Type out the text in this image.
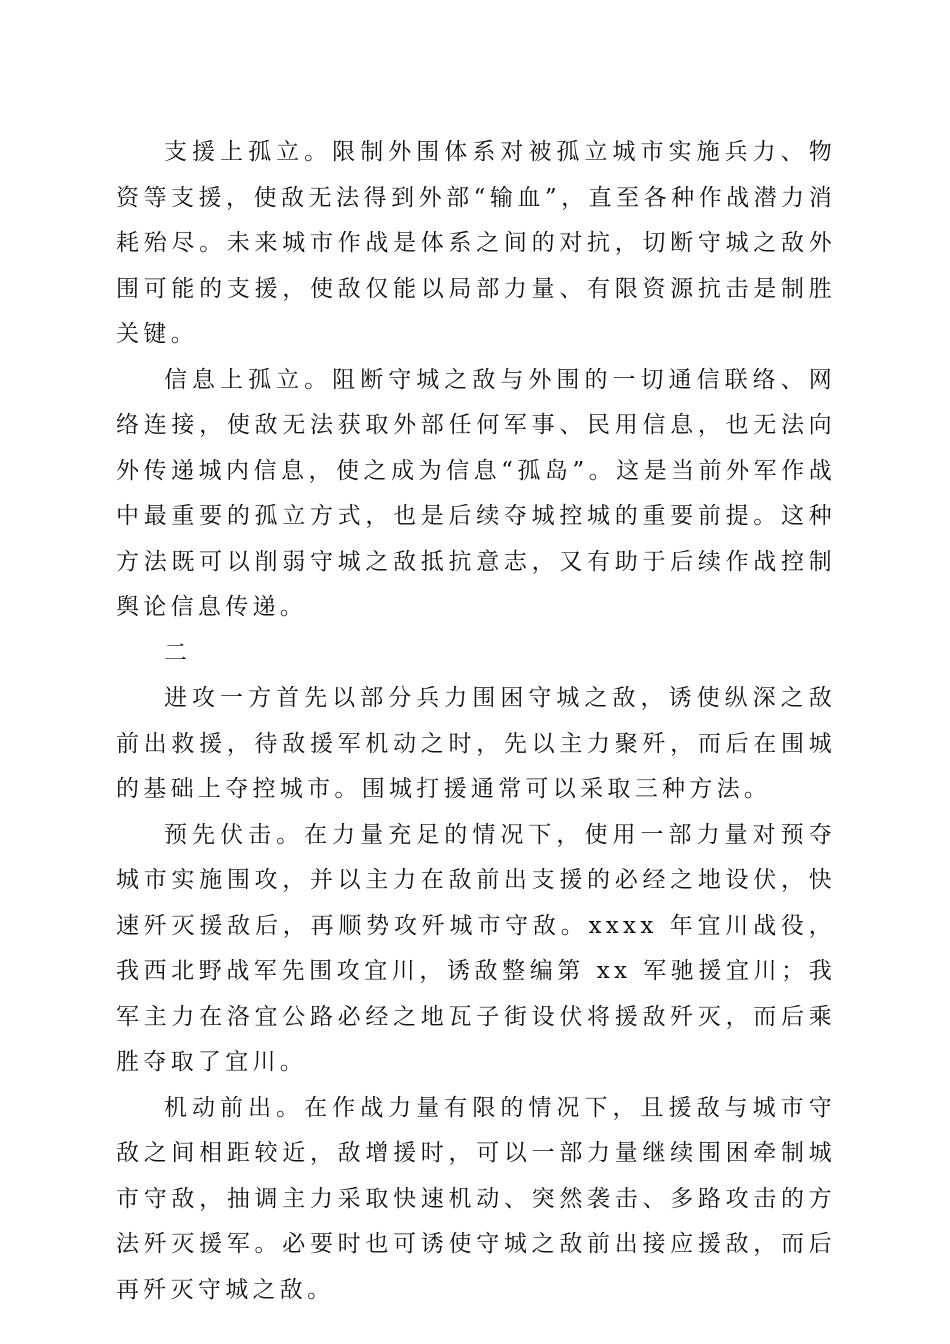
支援上孤立。限制外围体系对被孤立城市实施兵力、物资等支援，使敌无法得到外部“输血”，直至各种作战潜力消耗殆尽。未来城市作战是体系之间的对抗，切断守城之敌外围可能的支援，使敌仅能以局部力量、有限资源抗击是制胜关键。

信息上孤立。阻断守城之敌与外围的一切通信联络、网络连接，使敌无法获取外部任何军事、民用信息，也无法向外传递城内信息，使之成为信息“孤岛”。这是当前外军作战中最重要的孤立方式，也是后续夺城控城的重要前提。这种方法既可以削弱守城之敌抵抗意志，又有助于后续作战控制舆论信息传递。

二

进攻一方首先以部分兵力围困守城之敌，诱使纵深之敌前出救援，待敌援军机动之时，先以主力聚歼，而后在围城的基础上夺控城市。围城打援通常可以采取三种方法。

预先伏击。在力量充足的情况下，使用一部力量对预夺城市实施围攻，并以主力在敌前出支援的必经之地设伏，快速歼灭援敌后，再顺势攻歼城市守敌。xxxx 年宜川战役，我西北野战军先围攻宜川，诱敌整编第 xx 军驰援宜川；我军主力在洛宜公路必经之地瓦子街设伏将援敌歼灭，而后乘胜夺取了宜川。

机动前出。在作战力量有限的情况下，且援敌与城市守敌之间相距较近，敌增援时，可以一部力量继续围困牵制城市守敌，抽调主力采取快速机动、突然袭击、多路攻击的方法歼灭援军。必要时也可诱使守城之敌前出接应援敌，而后再歼灭守城之敌。
